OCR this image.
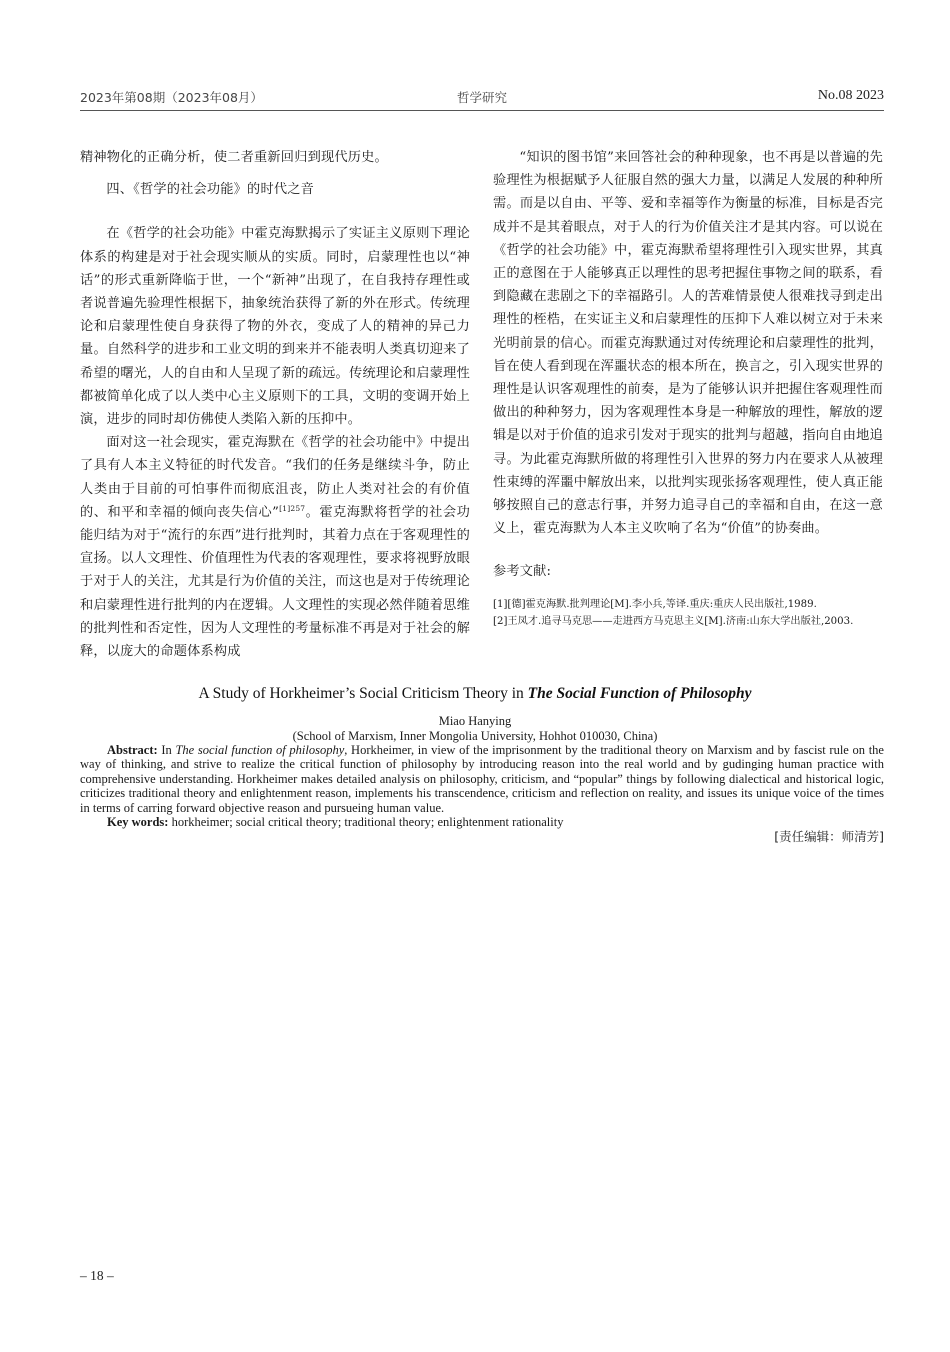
2023年第08期（2023年08月）	哲学研究	No.08 2023

精神物化的正确分析，使二者重新回归到现代历史。

四、《哲学的社会功能》的时代之音

在《哲学的社会功能》中霍克海默揭示了实证主义原则下理论体系的构建是对于社会现实顺从的实质。同时，启蒙理性也以“神话”的形式重新降临于世，一个“新神”出现了，在自我持存理性或者说普遍先验理性根据下，抽象统治获得了新的外在形式。传统理论和启蒙理性使自身获得了物的外衣，变成了人的精神的异己力量。自然科学的进步和工业文明的到来并不能表明人类真切迎来了希望的曙光，人的自由和人呈现了新的疏远。传统理论和启蒙理性都被简单化成了以人类中心主义原则下的工具，文明的变调开始上演，进步的同时却仿佛使人类陷入新的压抑中。

面对这一社会现实，霍克海默在《哲学的社会功能中》中提出了具有人本主义特征的时代发音。“我们的任务是继续斗争，防止人类由于目前的可怕事件而彻底沮丧，防止人类对社会的有价值的、和平和幸福的倾向丧失信心”$^{[1]257}$。霍克海默将哲学的社会功能归结为对于“流行的东西”进行批判时，其着力点在于客观理性的宣扬。以人文理性、价值理性为代表的客观理性，要求将视野放眼于对于人的关注，尤其是行为价值的关注，而这也是对于传统理论和启蒙理性进行批判的内在逻辑。人文理性的实现必然伴随着思维的批判性和否定性，因为人文理性的考量标准不再是对于社会的解释，以庞大的命题体系构成

“知识的图书馆”来回答社会的种种现象，也不再是以普遍的先验理性为根据赋予人征服自然的强大力量，以满足人发展的种种所需。而是以自由、平等、爱和幸福等作为衡量的标准，目标是否完成并不是其着眼点，对于人的行为价值关注才是其内容。可以说在《哲学的社会功能》中，霍克海默希望将理性引入现实世界，其真正的意图在于人能够真正以理性的思考把握住事物之间的联系，看到隐藏在悲剧之下的幸福路引。人的苦难情景使人很难找寻到走出理性的桎梏，在实证主义和启蒙理性的压抑下人难以树立对于未来光明前景的信心。而霍克海默通过对传统理论和启蒙理性的批判，旨在使人看到现在浑噩状态的根本所在，换言之，引入现实世界的理性是认识客观理性的前奏，是为了能够认识并把握住客观理性而做出的种种努力，因为客观理性本身是一种解放的理性，解放的逻辑是以对于价值的追求引发对于现实的批判与超越，指向自由地追寻。为此霍克海默所做的将理性引入世界的努力内在要求人从被理性束缚的浑噩中解放出来，以批判实现张扬客观理性，使人真正能够按照自己的意志行事，并努力追寻自己的幸福和自由，在这一意义上，霍克海默为人本主义吹响了名为“价值”的协奏曲。

参考文献:

[1][德]霍克海默.批判理论[M].李小兵,等译.重庆:重庆人民出版社,1989.
[2]王凤才.追寻马克思——走进西方马克思主义[M].济南:山东大学出版社,2003.
A Study of Horkheimer’s Social Criticism Theory in The Social Function of Philosophy
Miao Hanying
(School of Marxism, Inner Mongolia University, Hohhot 010030, China)
Abstract: In The social function of philosophy, Horkheimer, in view of the imprisonment by the traditional theory on Marxism and by fascist rule on the way of thinking, and strive to realize the critical function of philosophy by introducing reason into the real world and by gudinging human practice with comprehensive understanding. Horkheimer makes detailed analysis on philosophy, criticism, and “popular” things by following dialectical and historical logic, criticizes traditional theory and enlightenment reason, implements his transcendence, criticism and reflection on reality, and issues its unique voice of the times in terms of carring forward objective reason and pursueing human value.
Key words: horkheimer; social critical theory; traditional theory; enlightenment rationality
[责任编辑：师清芳]
– 18 –
